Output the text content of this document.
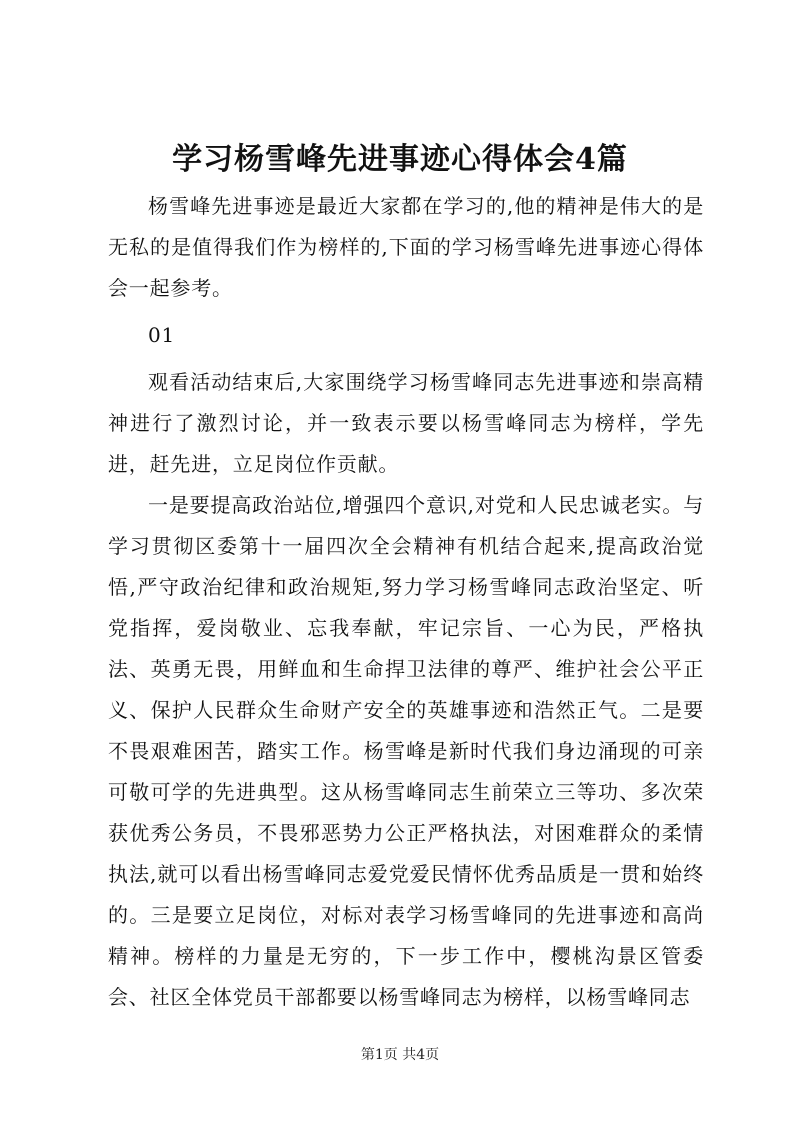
学习杨雪峰先进事迹心得体会4篇

杨雪峰先进事迹是最近大家都在学习的,他的精神是伟大的是无私的是值得我们作为榜样的,下面的学习杨雪峰先进事迹心得体会一起参考。

01

观看活动结束后,大家围绕学习杨雪峰同志先进事迹和崇高精神进行了激烈讨论，并一致表示要以杨雪峰同志为榜样，学先进，赶先进，立足岗位作贡献。

一是要提高政治站位,增强四个意识,对党和人民忠诚老实。与学习贯彻区委第十一届四次全会精神有机结合起来,提高政治觉悟,严守政治纪律和政治规矩,努力学习杨雪峰同志政治坚定、听党指挥，爱岗敬业、忘我奉献，牢记宗旨、一心为民，严格执法、英勇无畏，用鲜血和生命捍卫法律的尊严、维护社会公平正义、保护人民群众生命财产安全的英雄事迹和浩然正气。二是要不畏艰难困苦，踏实工作。杨雪峰是新时代我们身边涌现的可亲可敬可学的先进典型。这从杨雪峰同志生前荣立三等功、多次荣获优秀公务员，不畏邪恶势力公正严格执法，对困难群众的柔情执法,就可以看出杨雪峰同志爱党爱民情怀优秀品质是一贯和始终的。三是要立足岗位，对标对表学习杨雪峰同的先进事迹和高尚精神。榜样的力量是无穷的，下一步工作中，樱桃沟景区管委会、社区全体党员干部都要以杨雪峰同志为榜样，以杨雪峰同志

第1页 共4页
